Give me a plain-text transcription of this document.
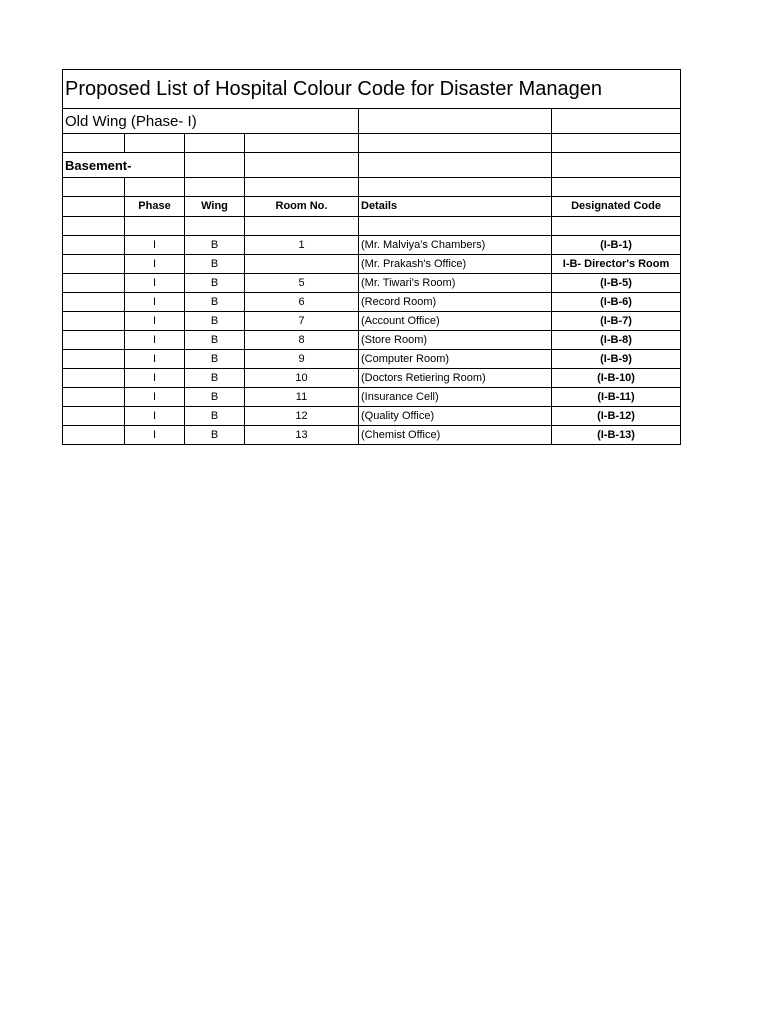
Proposed List of Hospital Colour Code for Disaster Managen					

Old Wing (Phase- I)					

Basement-					

	Phase	Wing	Room No.	Details	Designated Code

	I	B	1	(Mr. Malviya's Chambers)	(I-B-1)
	I	B		(Mr. Prakash's Office)	I-B- Director's Room
	I	B	5	(Mr. Tiwari's Room)	(I-B-5)
	I	B	6	(Record Room)	(I-B-6)
	I	B	7	(Account Office)	(I-B-7)
	I	B	8	(Store Room)	(I-B-8)
	I	B	9	(Computer Room)	(I-B-9)
	I	B	10	(Doctors Retiering Room)	(I-B-10)
	I	B	11	(Insurance Cell)	(I-B-11)
	I	B	12	(Quality Office)	(I-B-12)
	I	B	13	(Chemist Office)	(I-B-13)
